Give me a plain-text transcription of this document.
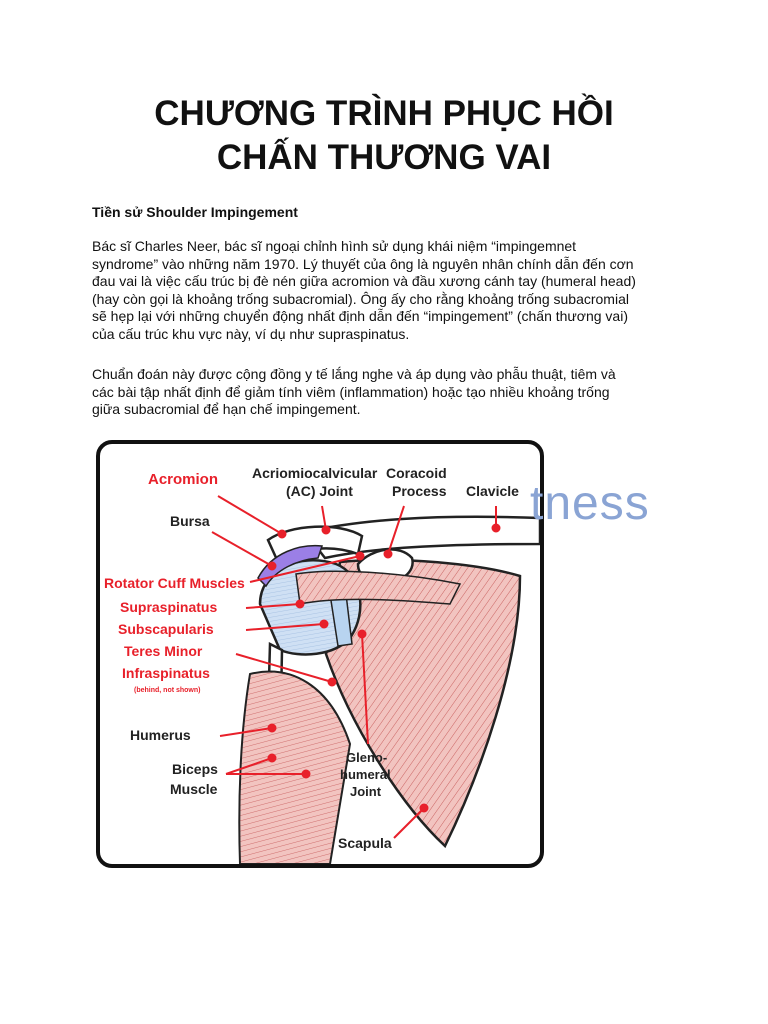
CHƯƠNG TRÌNH PHỤC HỒI
CHẤN THƯƠNG VAI
Tiền sử Shoulder Impingement
Bác sĩ Charles Neer, bác sĩ ngoại chỉnh hình sử dụng khái niệm “impingemnet
syndrome” vào những năm 1970. Lý thuyết của ông là nguyên nhân chính dẫn đến cơn
đau vai là việc cấu trúc bị đè nén giữa acromion và đầu xương cánh tay (humeral head)
(hay còn gọi là khoảng trống subacromial). Ông ấy cho rằng khoảng trống subacromial
sẽ hẹp lại với những chuyển động nhất định dẫn đến “impingement” (chấn thương vai)
của cấu trúc khu vực này, ví dụ như supraspinatus.
Chuẩn đoán này được cộng đồng y tế lắng nghe và áp dụng vào phẫu thuật, tiêm và
các bài tập nhất định để giảm tính viêm (inflammation) hoặc tạo nhiều khoảng trống
giữa subacromial để hạn chế impingement.
Acromion Acriomiocalvicular
(AC) Joint
Coracoid
Process Clavicle
Bursa
Rotator Cuff Muscles
Supraspinatus
Subscapularis
Teres Minor
Infraspinatus
(behind, not shown)
Humerus
Biceps
Muscle
Gleno-
humeral
Joint
Scapula
tness
